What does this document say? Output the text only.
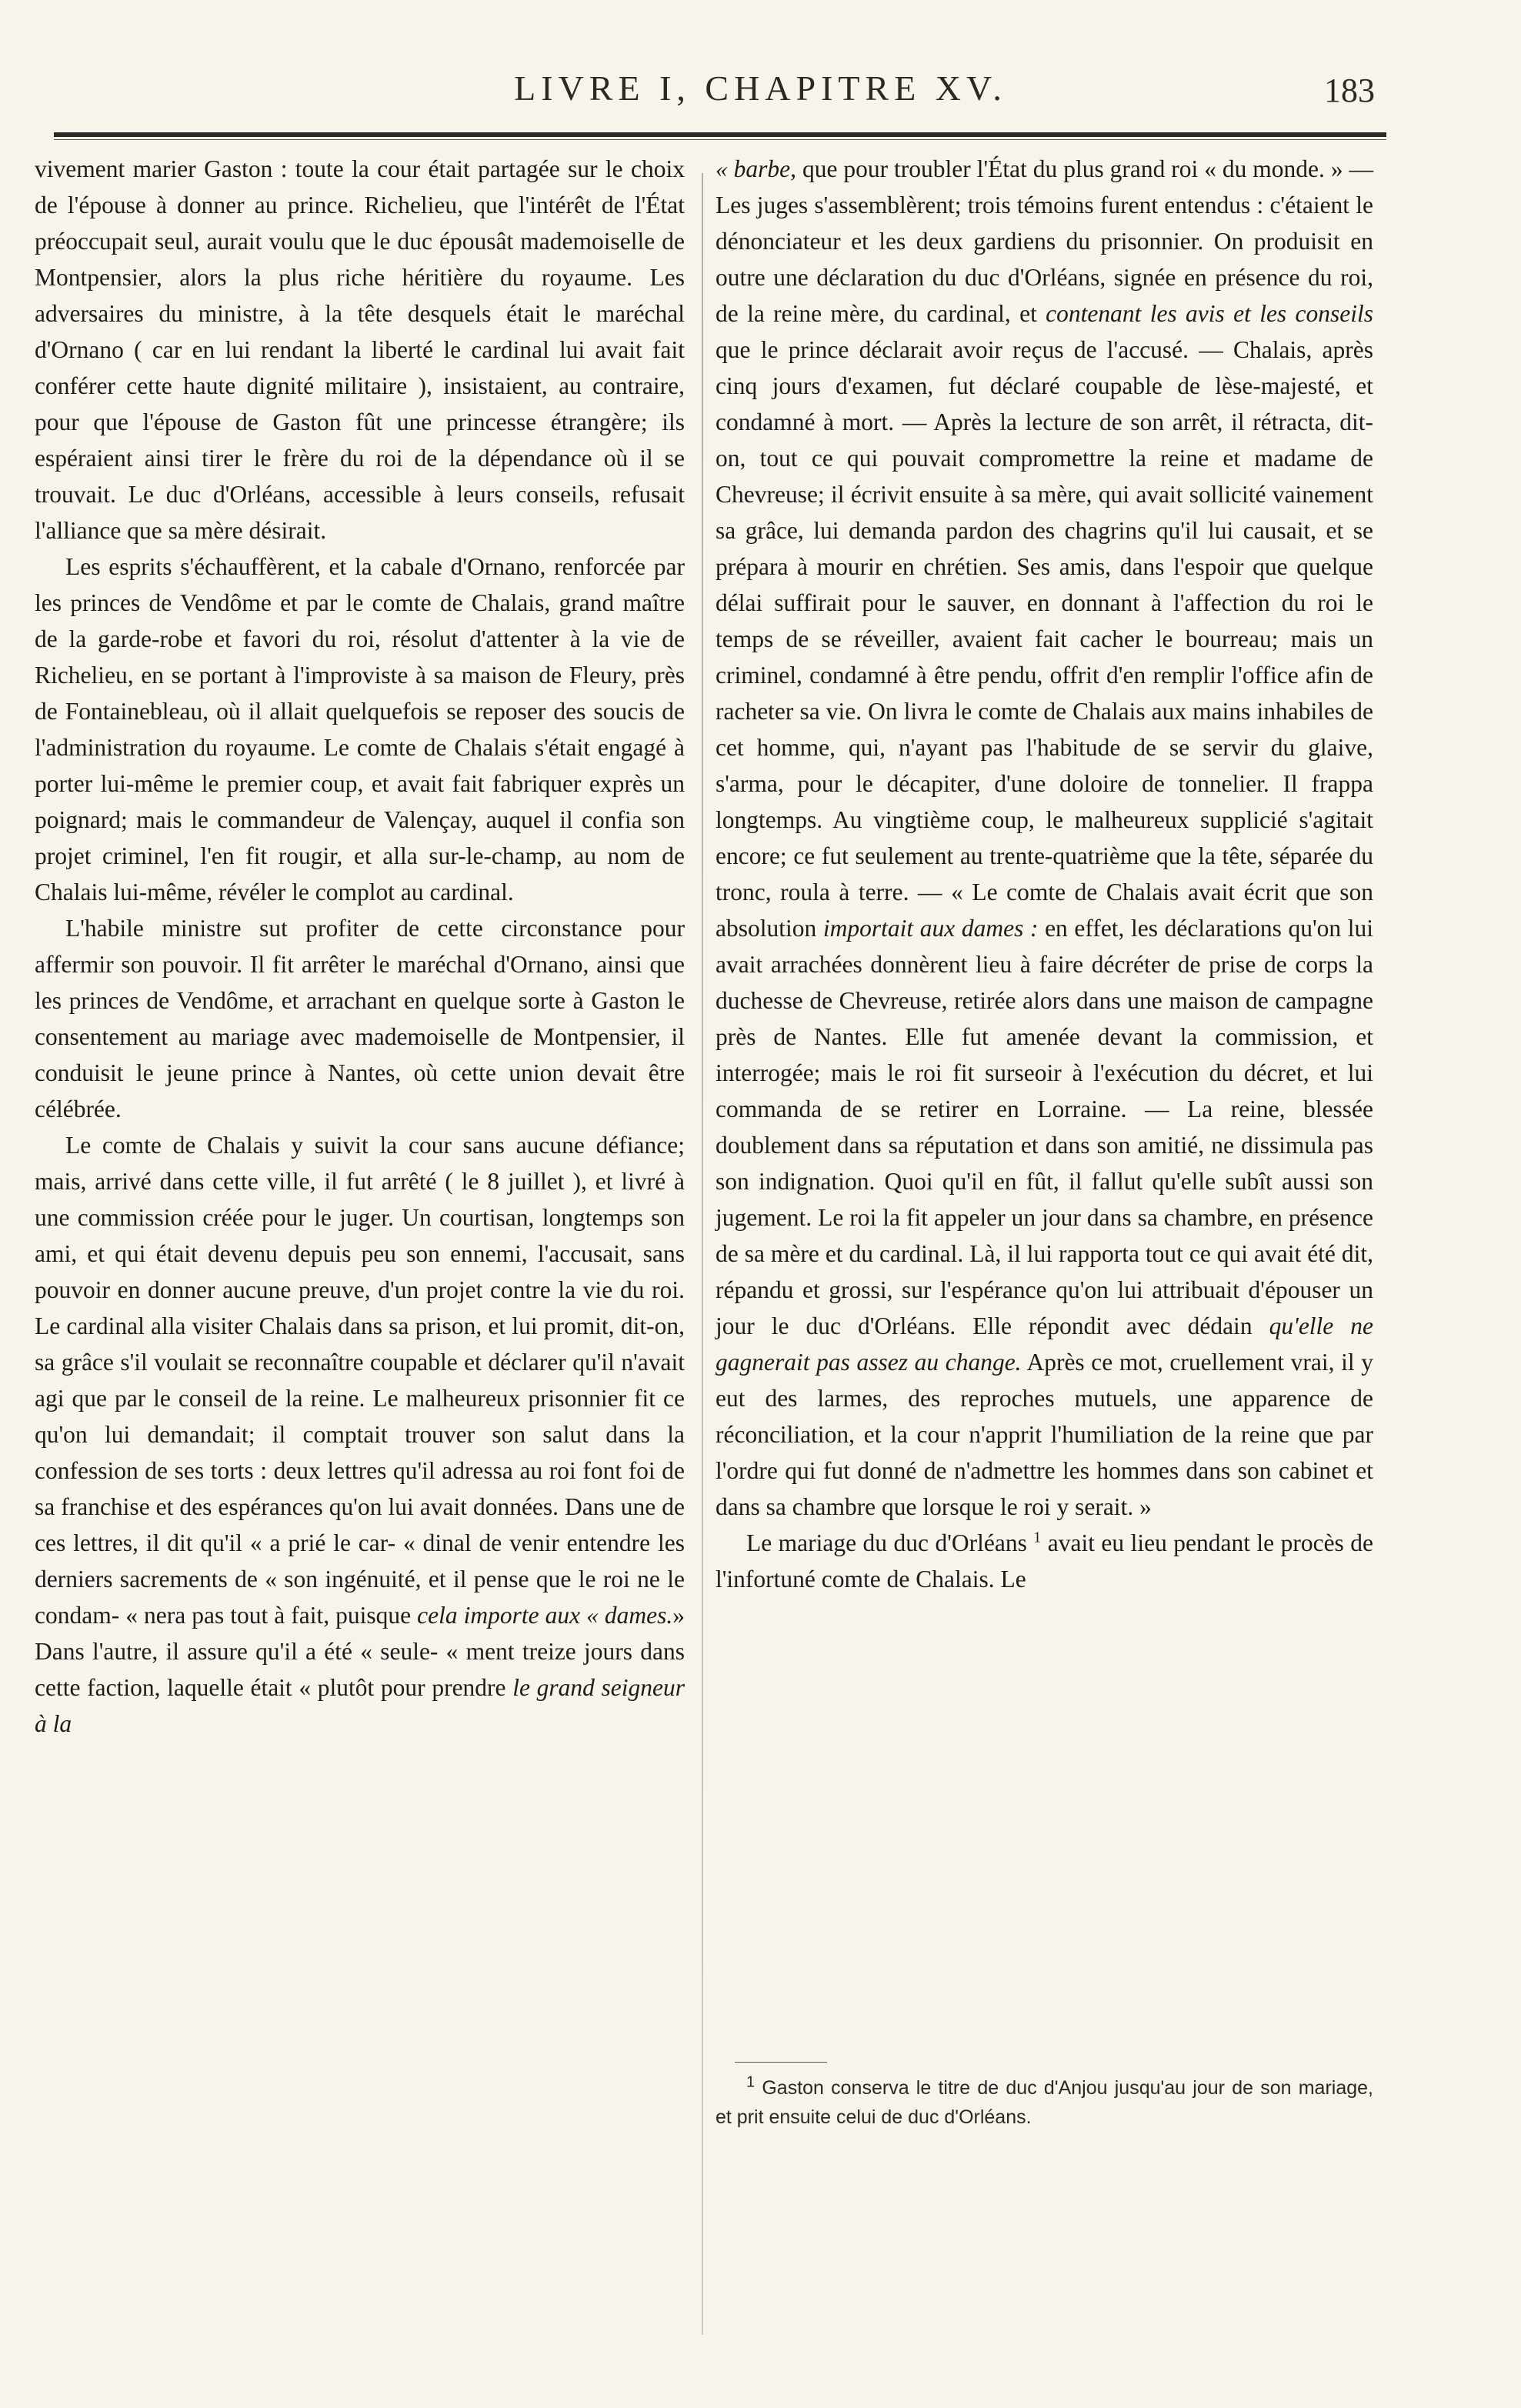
LIVRE I, CHAPITRE XV.	183

vivement marier Gaston : toute la cour était partagée sur le choix de l'épouse à donner au prince. Richelieu, que l'intérêt de l'État préoccupait seul, aurait voulu que le duc épousât mademoiselle de Montpensier, alors la plus riche héritière du royaume. Les adversaires du ministre, à la tête desquels était le maréchal d'Ornano ( car en lui rendant la liberté le cardinal lui avait fait conférer cette haute dignité militaire ), insistaient, au contraire, pour que l'épouse de Gaston fût une princesse étrangère; ils espéraient ainsi tirer le frère du roi de la dépendance où il se trouvait. Le duc d'Orléans, accessible à leurs conseils, refusait l'alliance que sa mère désirait.

Les esprits s'échauffèrent, et la cabale d'Ornano, renforcée par les princes de Vendôme et par le comte de Chalais, grand maître de la garde-robe et favori du roi, résolut d'attenter à la vie de Richelieu, en se portant à l'improviste à sa maison de Fleury, près de Fontainebleau, où il allait quelquefois se reposer des soucis de l'administration du royaume. Le comte de Chalais s'était engagé à porter lui-même le premier coup, et avait fait fabriquer exprès un poignard; mais le commandeur de Valençay, auquel il confia son projet criminel, l'en fit rougir, et alla sur-le-champ, au nom de Chalais lui-même, révéler le complot au cardinal.

L'habile ministre sut profiter de cette circonstance pour affermir son pouvoir. Il fit arrêter le maréchal d'Ornano, ainsi que les princes de Vendôme, et arrachant en quelque sorte à Gaston le consentement au mariage avec mademoiselle de Montpensier, il conduisit le jeune prince à Nantes, où cette union devait être célébrée.

Le comte de Chalais y suivit la cour sans aucune défiance; mais, arrivé dans cette ville, il fut arrêté ( le 8 juillet ), et livré à une commission créée pour le juger. Un courtisan, longtemps son ami, et qui était devenu depuis peu son ennemi, l'accusait, sans pouvoir en donner aucune preuve, d'un projet contre la vie du roi. Le cardinal alla visiter Chalais dans sa prison, et lui promit, dit-on, sa grâce s'il voulait se reconnaître coupable et déclarer qu'il n'avait agi que par le conseil de la reine. Le malheureux prisonnier fit ce qu'on lui demandait; il comptait trouver son salut dans la confession de ses torts : deux lettres qu'il adressa au roi font foi de sa franchise et des espérances qu'on lui avait données. Dans une de ces lettres, il dit qu'il « a prié le car- « dinal de venir entendre les derniers sacrements de « son ingénuité, et il pense que le roi ne le condam- « nera pas tout à fait, puisque cela importe aux « dames.» Dans l'autre, il assure qu'il a été « seule- « ment treize jours dans cette faction, laquelle était « plutôt pour prendre le grand seigneur à la

« barbe, que pour troubler l'État du plus grand roi « du monde. » — Les juges s'assemblèrent; trois témoins furent entendus : c'étaient le dénonciateur et les deux gardiens du prisonnier. On produisit en outre une déclaration du duc d'Orléans, signée en présence du roi, de la reine mère, du cardinal, et contenant les avis et les conseils que le prince déclarait avoir reçus de l'accusé. — Chalais, après cinq jours d'examen, fut déclaré coupable de lèse-majesté, et condamné à mort. — Après la lecture de son arrêt, il rétracta, dit-on, tout ce qui pouvait compromettre la reine et madame de Chevreuse; il écrivit ensuite à sa mère, qui avait sollicité vainement sa grâce, lui demanda pardon des chagrins qu'il lui causait, et se prépara à mourir en chrétien. Ses amis, dans l'espoir que quelque délai suffirait pour le sauver, en donnant à l'affection du roi le temps de se réveiller, avaient fait cacher le bourreau; mais un criminel, condamné à être pendu, offrit d'en remplir l'office afin de racheter sa vie. On livra le comte de Chalais aux mains inhabiles de cet homme, qui, n'ayant pas l'habitude de se servir du glaive, s'arma, pour le décapiter, d'une doloire de tonnelier. Il frappa longtemps. Au vingtième coup, le malheureux supplicié s'agitait encore; ce fut seulement au trente-quatrième que la tête, séparée du tronc, roula à terre. — « Le comte de Chalais avait écrit que son absolution importait aux dames : en effet, les déclarations qu'on lui avait arrachées donnèrent lieu à faire décréter de prise de corps la duchesse de Chevreuse, retirée alors dans une maison de campagne près de Nantes. Elle fut amenée devant la commission, et interrogée; mais le roi fit surseoir à l'exécution du décret, et lui commanda de se retirer en Lorraine. — La reine, blessée doublement dans sa réputation et dans son amitié, ne dissimula pas son indignation. Quoi qu'il en fût, il fallut qu'elle subît aussi son jugement. Le roi la fit appeler un jour dans sa chambre, en présence de sa mère et du cardinal. Là, il lui rapporta tout ce qui avait été dit, répandu et grossi, sur l'espérance qu'on lui attribuait d'épouser un jour le duc d'Orléans. Elle répondit avec dédain qu'elle ne gagnerait pas assez au change. Après ce mot, cruellement vrai, il y eut des larmes, des reproches mutuels, une apparence de réconciliation, et la cour n'apprit l'humiliation de la reine que par l'ordre qui fut donné de n'admettre les hommes dans son cabinet et dans sa chambre que lorsque le roi y serait. »

Le mariage du duc d'Orléans $^1$ avait eu lieu pendant le procès de l'infortuné comte de Chalais. Le

$^1$ Gaston conserva le titre de duc d'Anjou jusqu'au jour de son mariage, et prit ensuite celui de duc d'Orléans.
